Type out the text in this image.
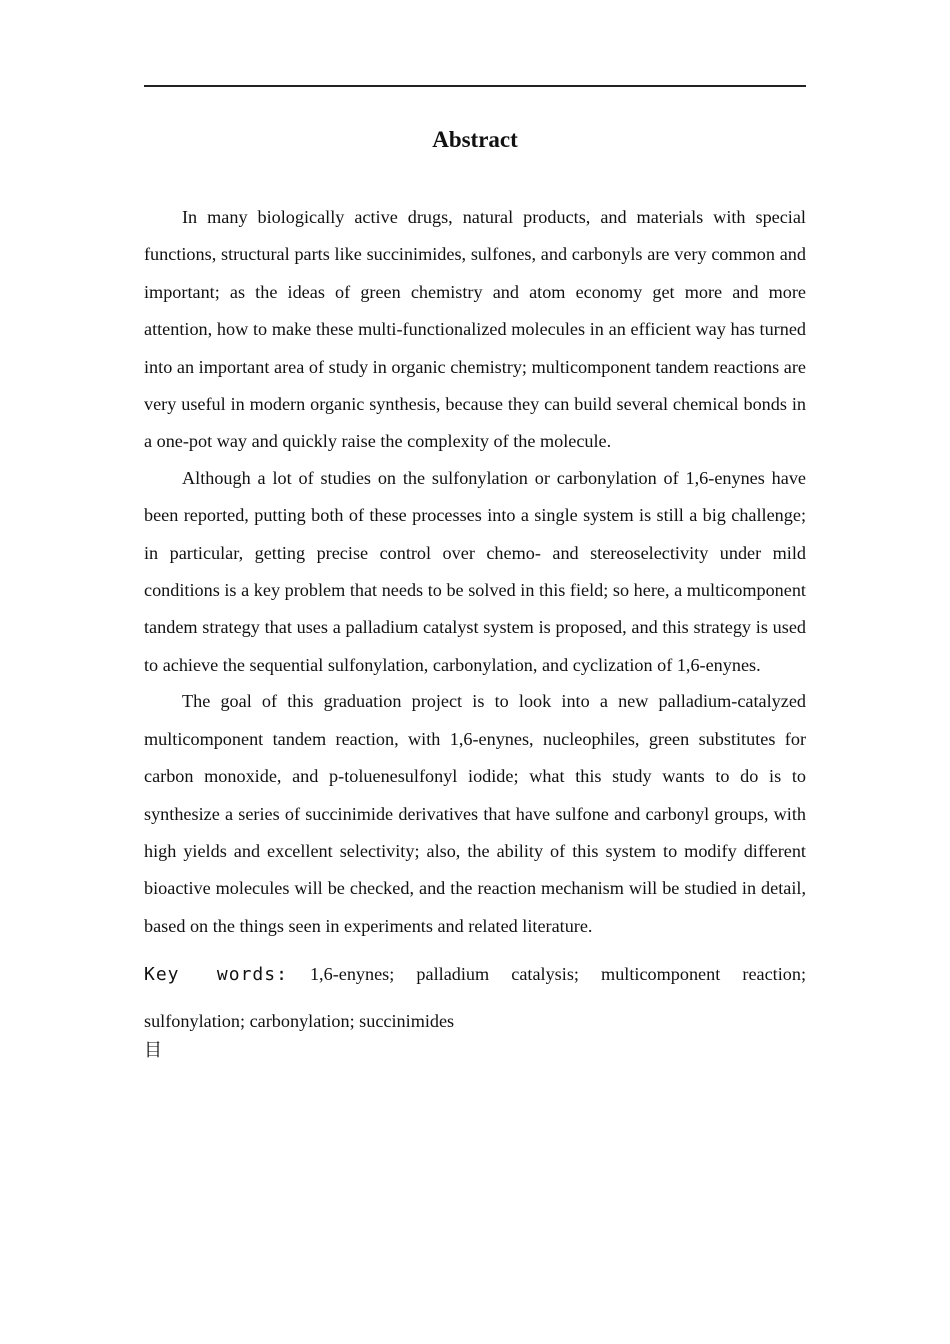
Abstract

In many biologically active drugs, natural products, and materials with special functions, structural parts like succinimides, sulfones, and carbonyls are very common and important; as the ideas of green chemistry and atom economy get more and more attention, how to make these multi-functionalized molecules in an efficient way has turned into an important area of study in organic chemistry; multicomponent tandem reactions are very useful in modern organic synthesis, because they can build several chemical bonds in a one-pot way and quickly raise the complexity of the molecule.

Although a lot of studies on the sulfonylation or carbonylation of 1,6-enynes have been reported, putting both of these processes into a single system is still a big challenge; in particular, getting precise control over chemo- and stereoselectivity under mild conditions is a key problem that needs to be solved in this field; so here, a multicomponent tandem strategy that uses a palladium catalyst system is proposed, and this strategy is used to achieve the sequential sulfonylation, carbonylation, and cyclization of 1,6-enynes.

The goal of this graduation project is to look into a new palladium-catalyzed multicomponent tandem reaction, with 1,6-enynes, nucleophiles, green substitutes for carbon monoxide, and p-toluenesulfonyl iodide; what this study wants to do is to synthesize a series of succinimide derivatives that have sulfone and carbonyl groups, with high yields and excellent selectivity; also, the ability of this system to modify different bioactive molecules will be checked, and the reaction mechanism will be studied in detail, based on the things seen in experiments and related literature.

Key words: 1,6-enynes; palladium catalysis; multicomponent reaction; sulfonylation; carbonylation; succinimides

目
